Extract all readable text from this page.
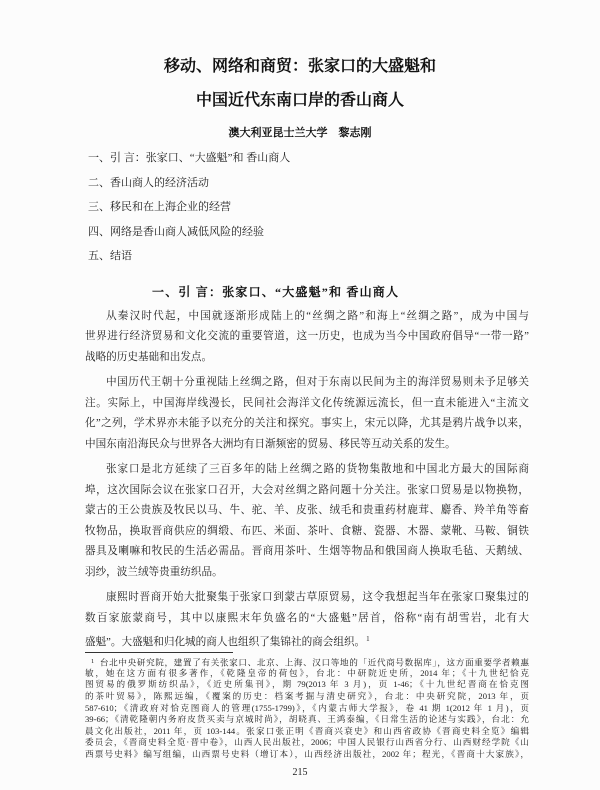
移动、网络和商贸：张家口的大盛魁和
中国近代东南口岸的香山商人
澳大利亚昆士兰大学　黎志刚
一、引 言：张家口、“大盛魁”和 香山商人
二、香山商人的经济活动
三、移民和在上海企业的经营
四、网络是香山商人减低风险的经验
五、结语
一、引 言：张家口、“大盛魁”和 香山商人
从秦汉时代起，中国就逐渐形成陆上的“丝绸之路”和海上“丝绸之路”，成为中国与
世界进行经济贸易和文化交流的重要管道，这一历史，也成为当今中国政府倡导“一带一路”
战略的历史基础和出发点。
中国历代王朝十分重视陆上丝绸之路，但对于东南以民间为主的海洋贸易则未予足够关
注。实际上，中国海岸线漫长，民间社会海洋文化传统源远流长，但一直未能进入“主流文
化”之列，学术界亦未能予以充分的关注和探究。事实上，宋元以降，尤其是鸦片战争以来，
中国东南沿海民众与世界各大洲均有日渐频密的贸易、移民等互动关系的发生。
张家口是北方延续了三百多年的陆上丝绸之路的货物集散地和中国北方最大的国际商
埠，这次国际会议在张家口召开，大会对丝绸之路问题十分关注。张家口贸易是以物换物，
蒙古的王公贵族及牧民以马、牛、驼、羊、皮张、绒毛和贵重药材鹿茸、麝香、羚羊角等畜
牧物品，换取晋商供应的绸缎、布匹、米面、茶叶、食糖、瓷器、木器、蒙靴、马鞍、铜铁
器具及喇嘛和牧民的生活必需品。晋商用茶叶、生烟等物品和俄国商人换取毛毡、天鹅绒、
羽纱，波兰绒等贵重纺织品。
康熙时晋商开始大批聚集于张家口到蒙古草原贸易，这令我想起当年在张家口聚集过的
数百家旅蒙商号，其中以康熙末年负盛名的“大盛魁”居首，俗称“南有胡雪岩，北有大
盛魁”。大盛魁和归化城的商人也组织了集锦社的商会组织。$^1$
$^1$ 台北中央研究院，建置了有关张家口、北京、上海、汉口等地的「近代商号数据库」，这方面重要学者赖惠
敏，她在这方面有很多著作，《乾隆皇帝的荷包》，台北：中研院近史所，2014 年；《十九世纪恰克
图贸易的俄罗斯纺织品》，《近史所集刊》，期 79(2013 年 3 月)，页 1-46；《十九世纪晋商在恰克图
的茶叶贸易》，陈熙远编，《覆案的历史：档案考掘与清史研究》，台北：中央研究院，2013 年，页
587-610；《清政府对恰克图商人的管理(1755-1799)》，《内蒙古师大学报》，卷 41 期 1(2012 年 1 月)，页
39-66；《清乾隆朝内务府皮货买卖与京城时尚》，胡晓真、王鸿泰编，《日常生活的论述与实践》，台北：允
晨文化出版社，2011 年，页 103-144。张家口张正明《晋商兴衰史》和山西省政协《晋商史料全览》编辑
委员会，《晋商史料全览·晋中卷》，山西人民出版社，2006；中国人民银行山西省分行、山西财经学院《山
西票号史料》编写组编，山西票号史料（增订本），山西经济出版社，2002 年；程光，《晋商十大家族》，
215
